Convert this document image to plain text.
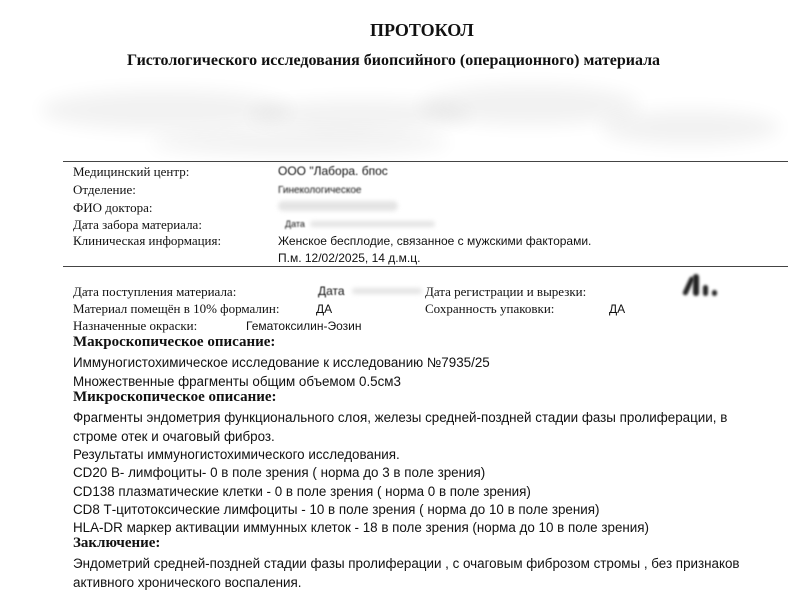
ПРОТОКОЛ
Гистологического исследования биопсийного (операционного) материала
Медицинский центр:	ООО "Лабора. бпос
Отделение:	Гинекологическое
ФИО доктора:
Дата забора материала:	Дата
Клиническая информация:	Женское бесплодие, связанное с мужскими факторами.
П.м. 12/02/2025, 14 д.м.ц.
Дата поступления материала:	Дата	Дата регистрации и вырезки:
Материал помещён в 10% формалин:	ДА	Сохранность упаковки:	ДА
Назначенные окраски:	Гематоксилин-Эозин
Макроскопическое описание:
Иммуногистохимическое исследование к исследованию №7935/25
Множественные фрагменты общим объемом 0.5см3
Микроскопическое описание:
Фрагменты эндометрия функционального слоя, железы средней-поздней стадии фазы пролиферации, в
строме отек и очаговый фиброз.
Результаты иммуногистохимического исследования.
CD20 В- лимфоциты- 0 в поле зрения ( норма до 3 в поле зрения)
CD138 плазматические клетки - 0 в поле зрения ( норма 0 в поле зрения)
CD8 Т-цитотоксические лимфоциты - 10 в поле зрения ( норма до 10 в поле зрения)
HLA-DR маркер активации иммунных клеток - 18 в поле зрения (норма до 10 в поле зрения)
Заключение:
Эндометрий средней-поздней стадии фазы пролиферации , с очаговым фиброзом стромы , без признаков
активного хронического воспаления.
